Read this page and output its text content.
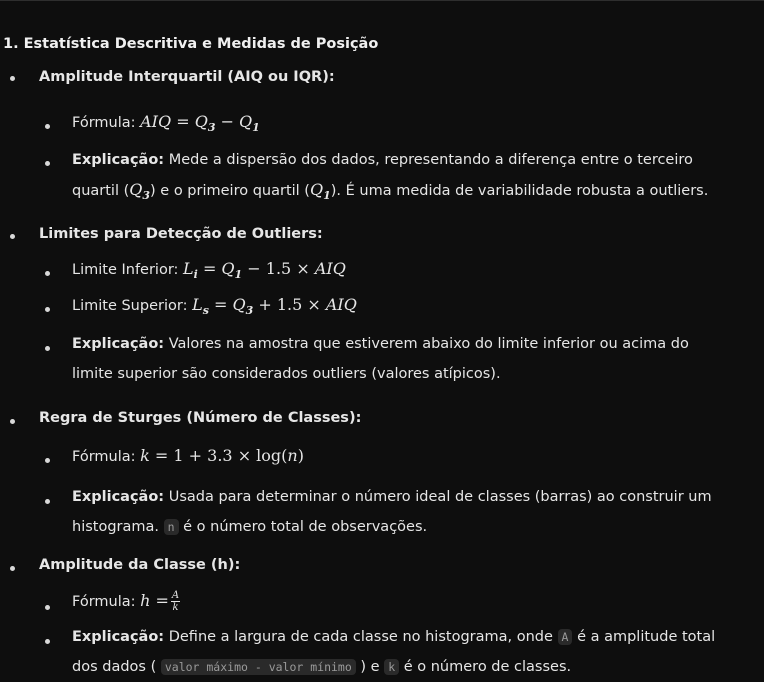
1. Estatística Descritiva e Medidas de Posição
Amplitude Interquartil (AIQ ou IQR):
Fórmula: AIQ = $Q_3 - Q_1$
Explicação: Mede a dispersão dos dados, representando a diferença entre o terceiro
quartil $(Q_3)$ e o primeiro quartil $(Q_1)$. É uma medida de variabilidade robusta a outliers.
Limites para Detecção de Outliers:
Limite Inferior: $L_i = Q_1 - 1.5$ × AIQ
Limite Superior: $L_s = Q_3 + 1.5$ × AIQ
Explicação: Valores na amostra que estiverem abaixo do limite inferior ou acima do
limite superior são considerados outliers (valores atípicos).
Regra de Sturges (Número de Classes):
Fórmula: k = 1 + 3.3 × log(n)
Explicação: Usada para determinar o número ideal de classes (barras) ao construir um
histograma. n é o número total de observações.
Amplitude da Classe (h):
Fórmula: $h = \frac{A}{k}$
Explicação: Define a largura de cada classe no histograma, onde A é a amplitude total
dos dados ( valor máximo - valor mínimo ) e k é o número de classes.
